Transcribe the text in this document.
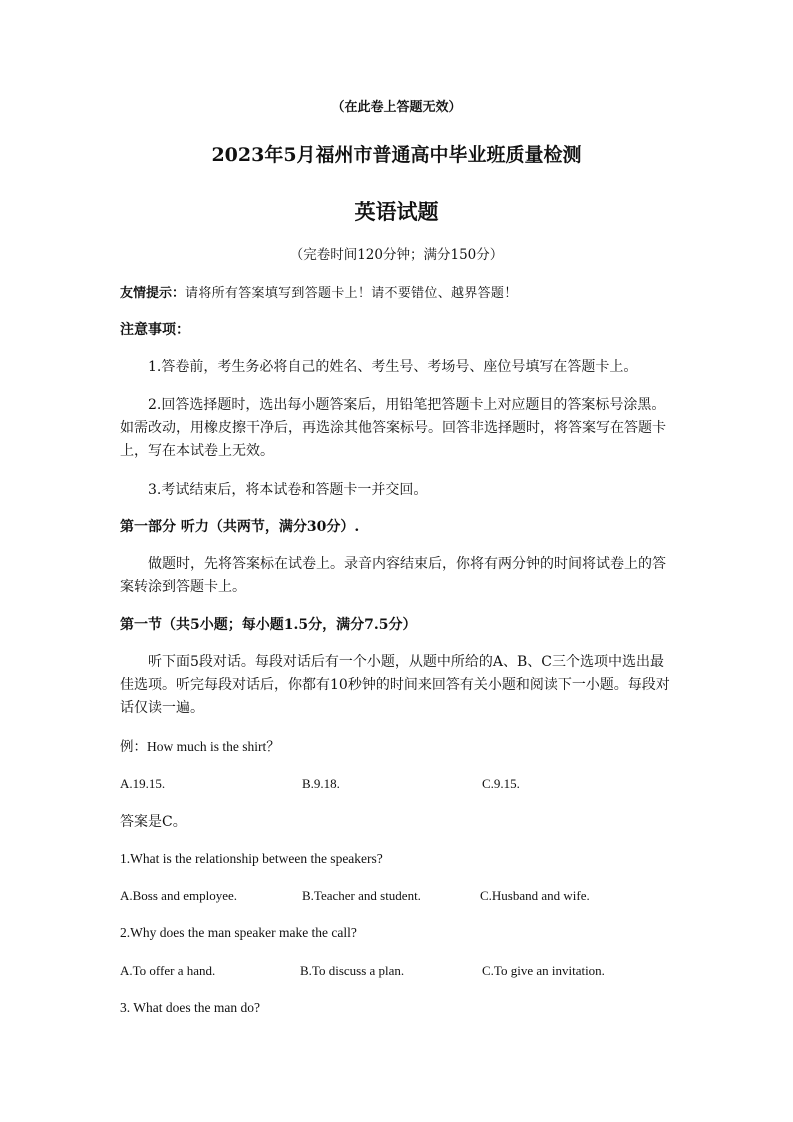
（在此卷上答题无效）
2023年5月福州市普通高中毕业班质量检测
英语试题
（完卷时间120分钟；满分150分）
友情提示：请将所有答案填写到答题卡上！请不要错位、越界答题！
注意事项：
1.答卷前，考生务必将自己的姓名、考生号、考场号、座位号填写在答题卡上。
2.回答选择题时，选出每小题答案后，用铅笔把答题卡上对应题目的答案标号涂黑。如需改动，用橡皮擦干净后，再选涂其他答案标号。回答非选择题时，将答案写在答题卡上，写在本试卷上无效。
3.考试结束后，将本试卷和答题卡一并交回。
第一部分 听力（共两节，满分30分）.
做题时，先将答案标在试卷上。录音内容结束后，你将有两分钟的时间将试卷上的答案转涂到答题卡上。
第一节（共5小题；每小题1.5分，满分7.5分）
听下面5段对话。每段对话后有一个小题，从题中所给的A、B、C三个选项中选出最佳选项。听完每段对话后，你都有10秒钟的时间来回答有关小题和阅读下一小题。每段对话仅读一遍。
例：How much is the shirt？
A.19.15.	B.9.18.	C.9.15.
答案是C。
1.What is the relationship between the speakers?
A.Boss and employee.	B.Teacher and student.	C.Husband and wife.
2.Why does the man speaker make the call?
A.To offer a hand.	B.To discuss a plan.	C.To give an invitation.
3. What does the man do?
